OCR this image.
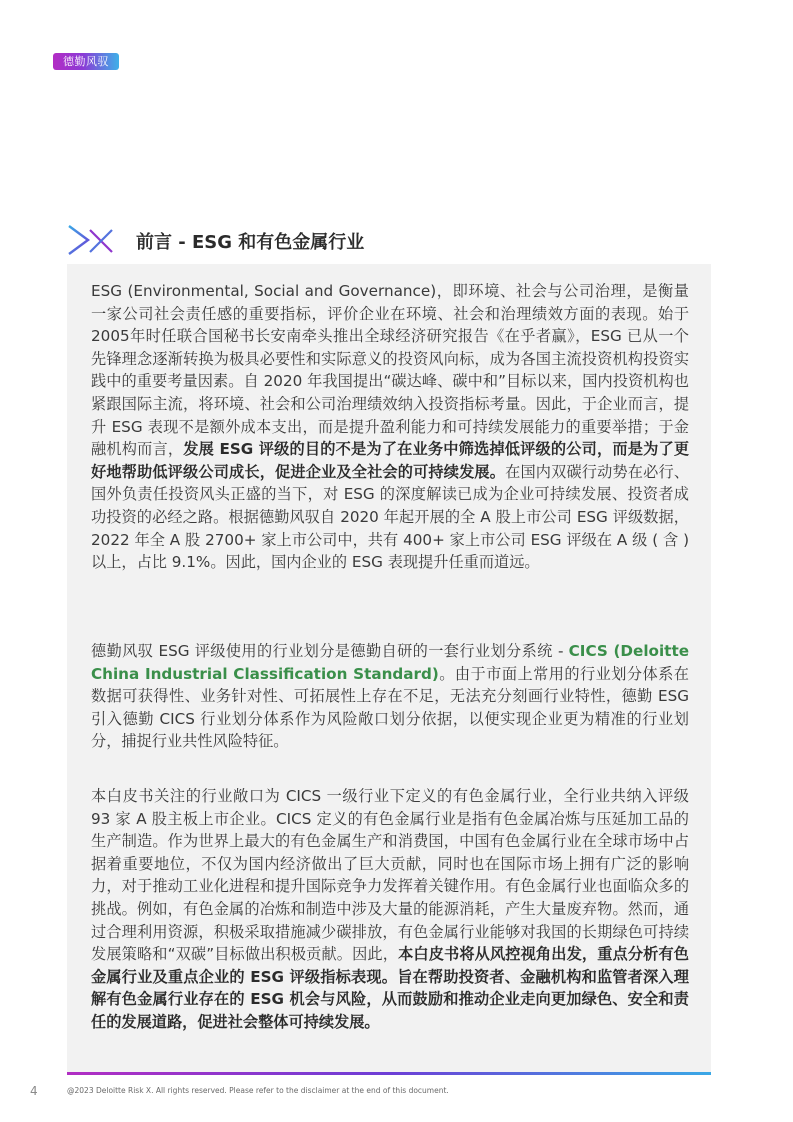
德勤风驭
前言 - ESG 和有色金属行业

ESG (Environmental, Social and Governance)，即环境、社会与公司治理，是衡量一家公司社会责任感的重要指标，评价企业在环境、社会和治理绩效方面的表现。始于2005年时任联合国秘书长安南牵头推出全球经济研究报告《在乎者赢》，ESG 已从一个先锋理念逐渐转换为极具必要性和实际意义的投资风向标，成为各国主流投资机构投资实践中的重要考量因素。自 2020 年我国提出“碳达峰、碳中和”目标以来，国内投资机构也紧跟国际主流，将环境、社会和公司治理绩效纳入投资指标考量。因此，于企业而言，提升 ESG 表现不是额外成本支出，而是提升盈利能力和可持续发展能力的重要举措；于金融机构而言，发展 ESG 评级的目的不是为了在业务中筛选掉低评级的公司，而是为了更好地帮助低评级公司成长，促进企业及全社会的可持续发展。在国内双碳行动势在必行、国外负责任投资风头正盛的当下，对 ESG 的深度解读已成为企业可持续发展、投资者成功投资的必经之路。根据德勤风驭自 2020 年起开展的全 A 股上市公司 ESG 评级数据，2022 年全 A 股 2700+ 家上市公司中，共有 400+ 家上市公司 ESG 评级在 A 级 ( 含 ) 以上，占比 9.1%。因此，国内企业的 ESG 表现提升任重而道远。

德勤风驭 ESG 评级使用的行业划分是德勤自研的一套行业划分系统 - CICS (Deloitte China Industrial Classification Standard)。由于市面上常用的行业划分体系在数据可获得性、业务针对性、可拓展性上存在不足，无法充分刻画行业特性，德勤 ESG 引入德勤 CICS 行业划分体系作为风险敞口划分依据，以便实现企业更为精准的行业划分，捕捉行业共性风险特征。

本白皮书关注的行业敞口为 CICS 一级行业下定义的有色金属行业，全行业共纳入评级 93 家 A 股主板上市企业。CICS 定义的有色金属行业是指有色金属冶炼与压延加工品的生产制造。作为世界上最大的有色金属生产和消费国，中国有色金属行业在全球市场中占据着重要地位，不仅为国内经济做出了巨大贡献，同时也在国际市场上拥有广泛的影响力，对于推动工业化进程和提升国际竞争力发挥着关键作用。有色金属行业也面临众多的挑战。例如，有色金属的冶炼和制造中涉及大量的能源消耗，产生大量废弃物。然而，通过合理利用资源，积极采取措施减少碳排放，有色金属行业能够对我国的长期绿色可持续发展策略和“双碳”目标做出积极贡献。因此，本白皮书将从风控视角出发，重点分析有色金属行业及重点企业的 ESG 评级指标表现。旨在帮助投资者、金融机构和监管者深入理解有色金属行业存在的 ESG 机会与风险，从而鼓励和推动企业走向更加绿色、安全和责任的发展道路，促进社会整体可持续发展。

4	@2023 Deloitte Risk X. All rights reserved. Please refer to the disclaimer at the end of this document.
